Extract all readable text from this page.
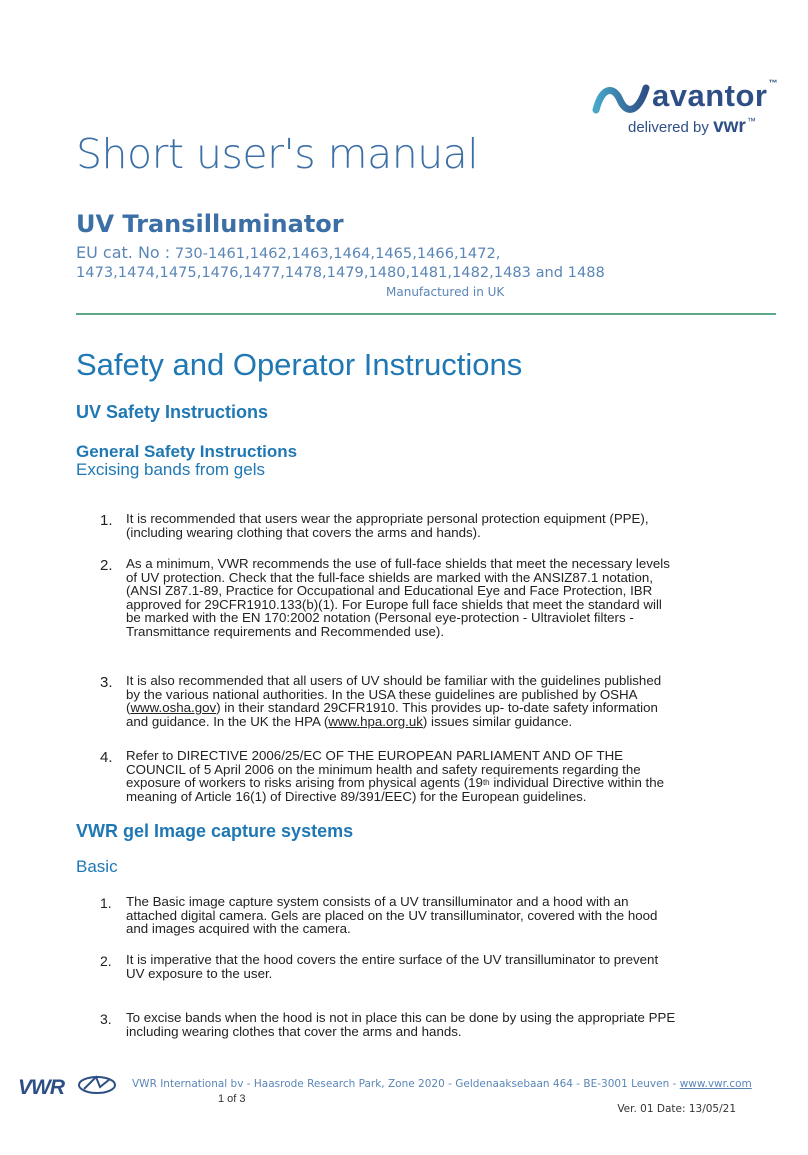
avantor™
delivered by vwr™
Short user's manual
UV Transilluminator
EU cat. No : 730-1461,1462,1463,1464,1465,1466,1472,
1473,1474,1475,1476,1477,1478,1479,1480,1481,1482,1483 and 1488
Manufactured in UK
Safety and Operator Instructions
UV Safety Instructions
General Safety Instructions
Excising bands from gels
1. It is recommended that users wear the appropriate personal protection equipment (PPE),
(including wearing clothing that covers the arms and hands).
2. As a minimum, VWR recommends the use of full-face shields that meet the necessary levels
of UV protection. Check that the full-face shields are marked with the ANSIZ87.1 notation,
(ANSI Z87.1-89, Practice for Occupational and Educational Eye and Face Protection, IBR
approved for 29CFR1910.133(b)(1). For Europe full face shields that meet the standard will
be marked with the EN 170:2002 notation (Personal eye-protection - Ultraviolet filters -
Transmittance requirements and Recommended use).
3. It is also recommended that all users of UV should be familiar with the guidelines published
by the various national authorities. In the USA these guidelines are published by OSHA
(www.osha.gov) in their standard 29CFR1910. This provides up- to-date safety information
and guidance. In the UK the HPA (www.hpa.org.uk) issues similar guidance.
4. Refer to DIRECTIVE 2006/25/EC OF THE EUROPEAN PARLIAMENT AND OF THE
COUNCIL of 5 April 2006 on the minimum health and safety requirements regarding the
exposure of workers to risks arising from physical agents (19th individual Directive within the
meaning of Article 16(1) of Directive 89/391/EEC) for the European guidelines.
VWR gel Image capture systems
Basic
1. The Basic image capture system consists of a UV transilluminator and a hood with an
attached digital camera. Gels are placed on the UV transilluminator, covered with the hood
and images acquired with the camera.
2. It is imperative that the hood covers the entire surface of the UV transilluminator to prevent
UV exposure to the user.
3. To excise bands when the hood is not in place this can be done by using the appropriate PPE
including wearing clothes that cover the arms and hands.
VWR	VWR International bv - Haasrode Research Park, Zone 2020 - Geldenaaksebaan 464 - BE-3001 Leuven - www.vwr.com
1 of 3
Ver. 01 Date: 13/05/21
